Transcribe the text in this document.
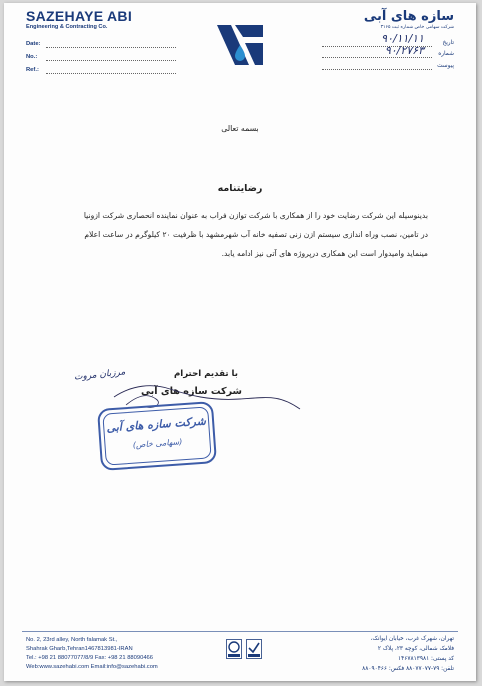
SAZEHAYE ABI
Engineering & Contracting Co.
Date:
No.:
Ref.:
سازه های آبی
شرکت سهامی خاص شماره ثبت ۳۱۶۵
تاریخ
شماره
پیوست
۹۰/۱۱/۱۱
۹۰/۲۷۶۳
بسمه تعالی
رضایتنامه
بدینوسیله این شرکت رضایت خود را از همکاری با شرکت توازن فراب به عنوان نماینده انحصاری شرکت ازونیا
در تامین، نصب وراه اندازی سیستم ازن زنی تصفیه خانه آب شهرمشهد با ظرفیت ۲۰ کیلوگرم در ساعت اعلام
مینماید وامیدوار است این همکاری درپروژه های آتی نیز ادامه یابد.
با تقدیم احترام
شرکت سازه های آبی
مرزبان مروت
شرکت سازه های آبی
(سهامی خاص)
No. 2, 23rd alley, North falamak St.,
Shahrak Gharb,Tehran1467813981-IRAN
Tel.: +98 21 88077077/8/9 Fax: +98 21 88090466
Web:www.sazehabi.com Email:info@sazehabi.com
تهران، شهرک غرب، خیابان ایوانک،
فلامک شمالی، کوچه ۲۳، پلاک ۲
کد پستی: ۱۴۶۷۸۱۳۹۸۱
تلفن: ۷۹-۸۸۰۷۷۰۷۷ فکس: ۸۸۰۹۰۴۶۶
